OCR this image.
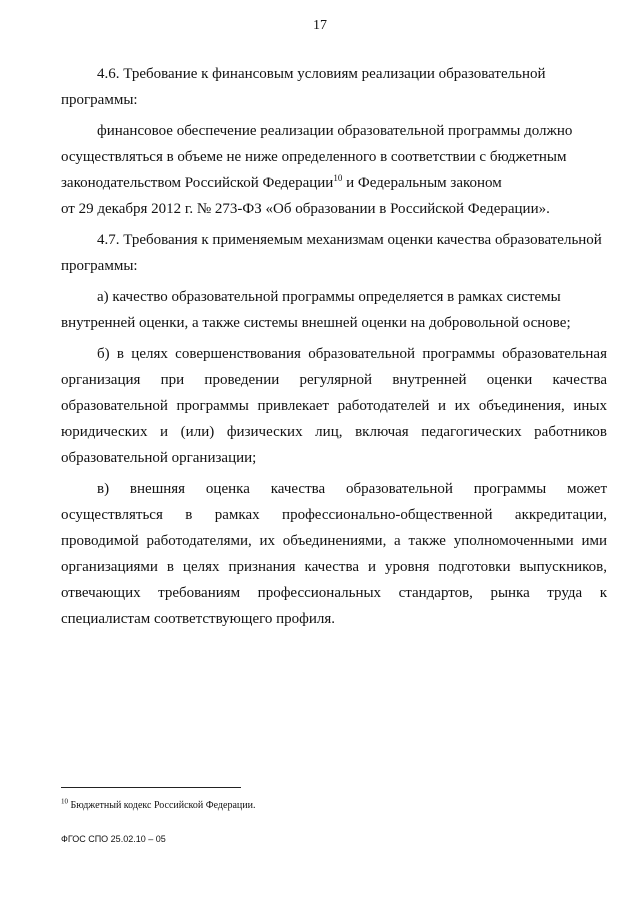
17

4.6. Требование к финансовым условиям реализации образовательной

программы:

финансовое обеспечение реализации образовательной программы должно

осуществляться в объеме не ниже определенного в соответствии с бюджетным

законодательством Российской Федерации$^{10}$ и Федеральным законом

от 29 декабря 2012 г. № 273-ФЗ «Об образовании в Российской Федерации».

4.7. Требования к применяемым механизмам оценки качества образовательной

программы:

а) качество образовательной программы определяется в рамках системы

внутренней оценки, а также системы внешней оценки на добровольной основе;

б) в целях совершенствования образовательной программы образовательная организация при проведении регулярной внутренней оценки качества образовательной программы привлекает работодателей и их объединения, иных юридических и (или) физических лиц, включая педагогических работников образовательной организации;

в) внешняя оценка качества образовательной программы может осуществляться в рамках профессионально-общественной аккредитации, проводимой работодателями, их объединениями, а также уполномоченными ими организациями в целях признания качества и уровня подготовки выпускников, отвечающих требованиям профессиональных стандартов, рынка труда к специалистам соответствующего профиля.

$^{10}$ Бюджетный кодекс Российской Федерации.
ФГОС СПО 25.02.10 – 05
